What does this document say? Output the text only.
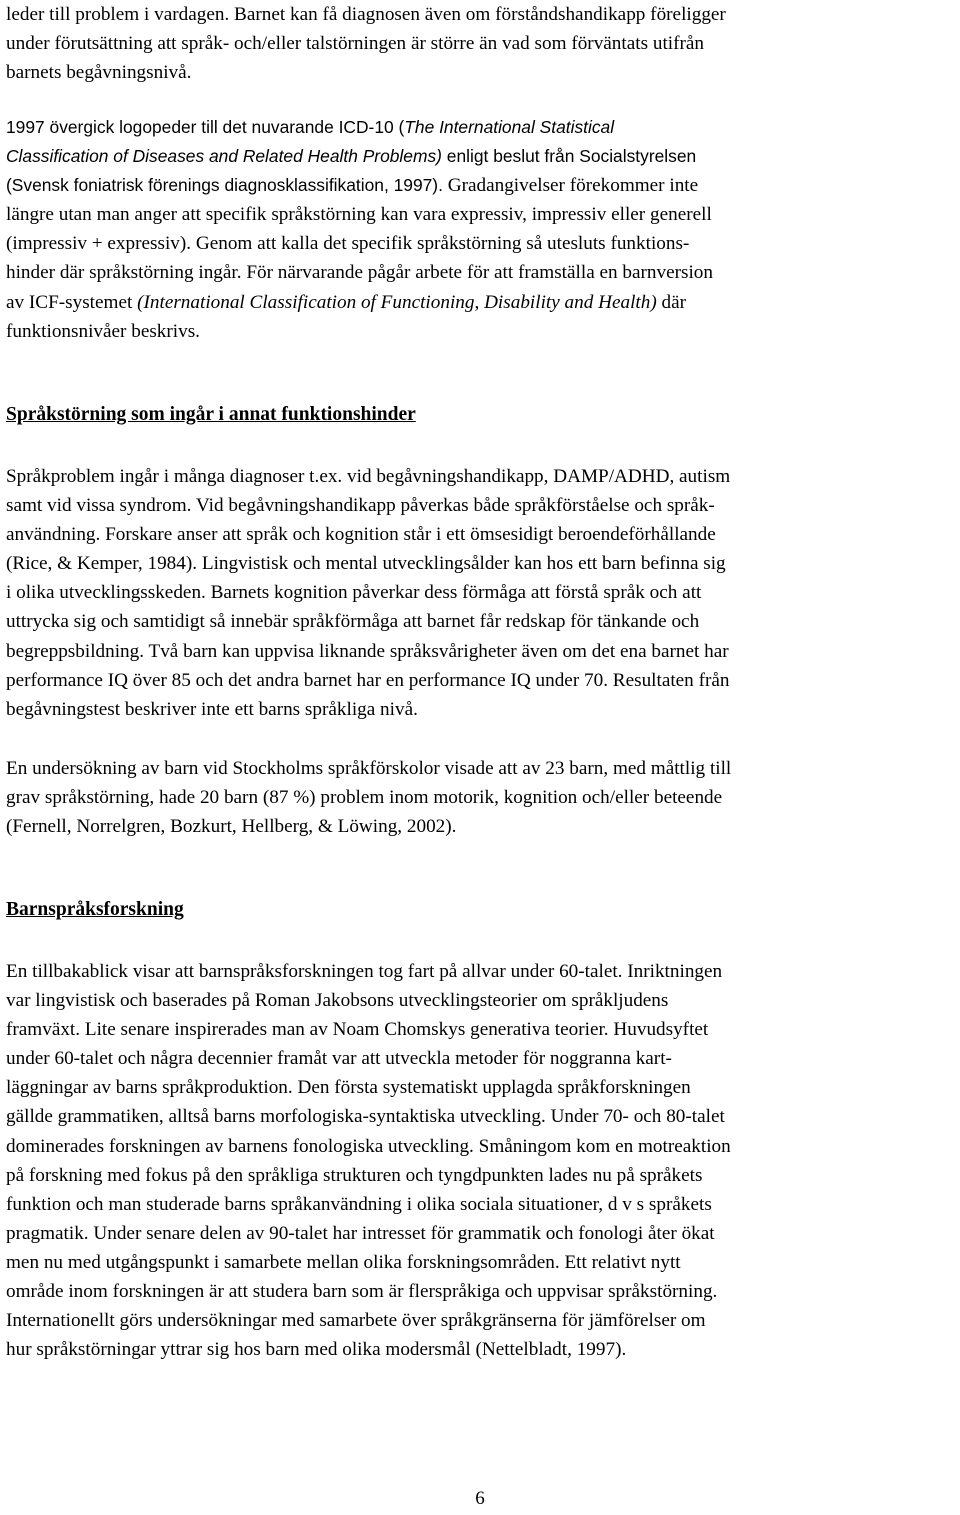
leder till problem i vardagen. Barnet kan få diagnosen även om förståndshandikapp föreligger
under förutsättning att språk- och/eller talstörningen är större än vad som förväntats utifrån
barnets begåvningsnivå.
1997 övergick logopeder till det nuvarande ICD-10 (The International Statistical
Classification of Diseases and Related Health Problems) enligt beslut från Socialstyrelsen
(Svensk foniatrisk förenings diagnosklassifikation, 1997). Gradangivelser förekommer inte
längre utan man anger att specifik språkstörning kan vara expressiv, impressiv eller generell
(impressiv + expressiv). Genom att kalla det specifik språkstörning så utesluts funktions-
hinder där språkstörning ingår. För närvarande pågår arbete för att framställa en barnversion
av ICF-systemet (International Classification of Functioning, Disability and Health) där
funktionsnivåer beskrivs.
Språkstörning som ingår i annat funktionshinder
Språkproblem ingår i många diagnoser t.ex. vid begåvningshandikapp, DAMP/ADHD, autism
samt vid vissa syndrom. Vid begåvningshandikapp påverkas både språkförståelse och språk-
användning. Forskare anser att språk och kognition står i ett ömsesidigt beroendeförhållande
(Rice, & Kemper, 1984). Lingvistisk och mental utvecklingsålder kan hos ett barn befinna sig
i olika utvecklingsskeden. Barnets kognition påverkar dess förmåga att förstå språk och att
uttrycka sig och samtidigt så innebär språkförmåga att barnet får redskap för tänkande och
begreppsbildning. Två barn kan uppvisa liknande språksvårigheter även om det ena barnet har
performance IQ över 85 och det andra barnet har en performance IQ under 70. Resultaten från
begåvningstest beskriver inte ett barns språkliga nivå.
En undersökning av barn vid Stockholms språkförskolor visade att av 23 barn, med måttlig till
grav språkstörning, hade 20 barn (87 %) problem inom motorik, kognition och/eller beteende
(Fernell, Norrelgren, Bozkurt, Hellberg, & Löwing, 2002).
Barnspråksforskning
En tillbakablick visar att barnspråksforskningen tog fart på allvar under 60-talet. Inriktningen
var lingvistisk och baserades på Roman Jakobsons utvecklingsteorier om språkljudens
framväxt. Lite senare inspirerades man av Noam Chomskys generativa teorier. Huvudsyftet
under 60-talet och några decennier framåt var att utveckla metoder för noggranna kart-
läggningar av barns språkproduktion. Den första systematiskt upplagda språkforskningen
gällde grammatiken, alltså barns morfologiska-syntaktiska utveckling. Under 70- och 80-talet
dominerades forskningen av barnens fonologiska utveckling. Småningom kom en motreaktion
på forskning med fokus på den språkliga strukturen och tyngdpunkten lades nu på språkets
funktion och man studerade barns språkanvändning i olika sociala situationer, d v s språkets
pragmatik. Under senare delen av 90-talet har intresset för grammatik och fonologi åter ökat
men nu med utgångspunkt i samarbete mellan olika forskningsområden. Ett relativt nytt
område inom forskningen är att studera barn som är flerspråkiga och uppvisar språkstörning.
Internationellt görs undersökningar med samarbete över språkgränserna för jämförelser om
hur språkstörningar yttrar sig hos barn med olika modersmål (Nettelbladt, 1997).
6
